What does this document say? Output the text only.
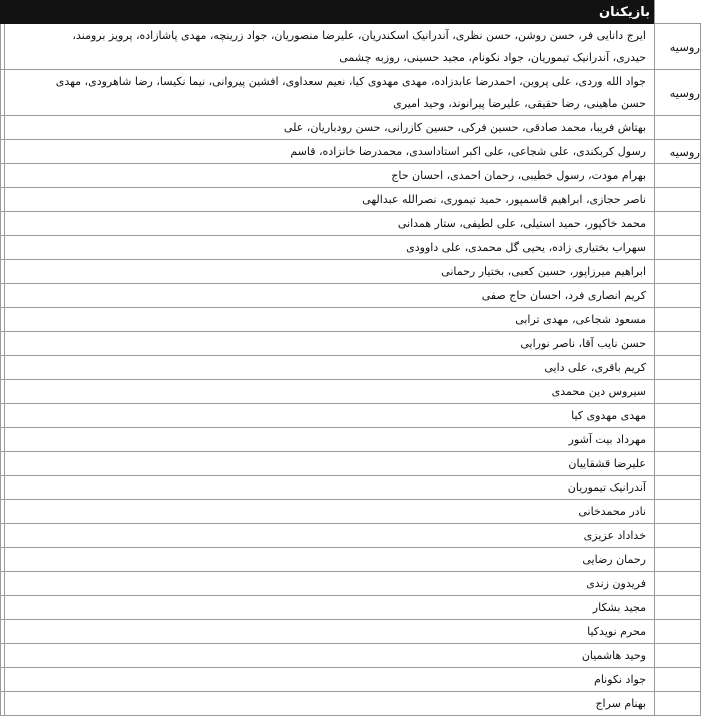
	بازیکنان	
روسیه	ایرج دانایی فر، حسن روشن، حسن نظری، آندرانیک اسکندریان، علیرضا منصوریان، جواد زرینچه، مهدی پاشازاده، پرویز برومند،
حیدری، آندرانیک تیموریان، جواد نکونام، مجید حسینی، روزبه چشمی	

روسیه	جواد الله وردی، علی پروین، احمدرضا عابدزاده، مهدی مهدوی کیا، نعیم سعداوی، افشین پیروانی، نیما نکیسا، رضا شاهرودی، مهدی
حسن ماهینی، رضا حقیقی، علیرضا پیرانوند، وحید امیری	

	بهتاش فریبا، محمد صادقی، حسین فرکی، حسین کازرانی، حسن رودباریان، علی	

روسیه	رسول کربکندی، علی شجاعی، علی اکبر استاداسدی، محمدرضا خانزاده، قاسم	

	بهرام مودت، رسول خطیبی، رحمان احمدی، احسان حاج	

	ناصر حجازی، ابراهیم قاسمپور، حمید تیموری، نصرالله عبدالهی	

	محمد خاکپور، حمید استیلی، علی لطیفی، ستار همدانی	

	سهراب بختیاری زاده، یحیی گل محمدی، علی داوودی	

	ابراهیم میرزاپور، حسین کعبی، بختیار رحمانی	

	کریم انصاری فرد، احسان حاج صفی	

	مسعود شجاعی، مهدی ترابی	

	حسن نایب آقا، ناصر نورایی	

	کریم باقری، علی دایی	

	سیروس دین محمدی	

	مهدی مهدوی کیا	

	مهرداد بیت آشور	

	علیرضا قشقاییان	

	آندرانیک تیموریان	

	نادر محمدخانی	

	خداداد عزیزی	

	رحمان رضایی	

	فریدون زندی	

	مجید بشکار	

	محرم نویدکیا	

	وحید هاشمیان	

	جواد نکونام	

	بهنام سراج	
